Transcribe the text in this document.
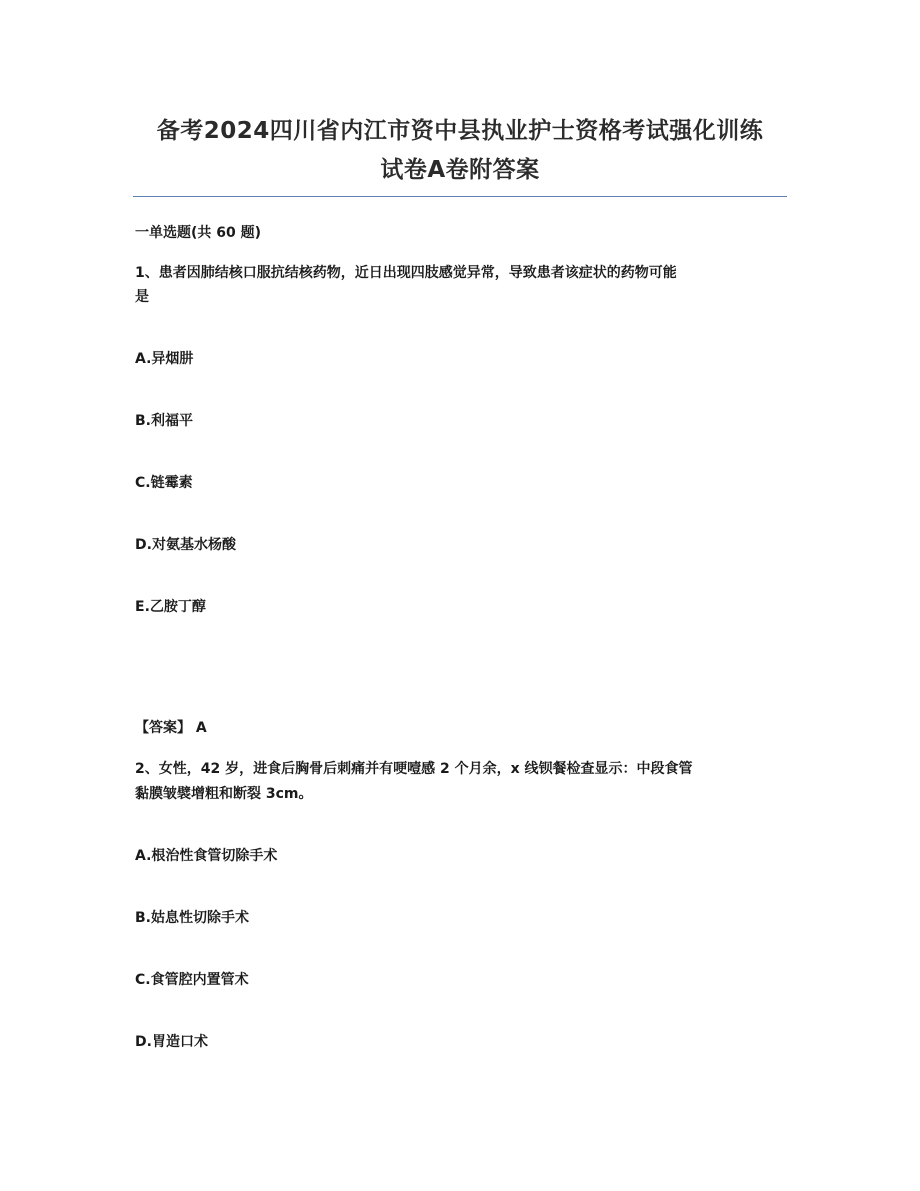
备考2024四川省内江市资中县执业护士资格考试强化训练
试卷A卷附答案
一单选题(共 60 题)
1、患者因肺结核口服抗结核药物，近日出现四肢感觉异常，导致患者该症状的药物可能
是
A.异烟肼
B.利福平
C.链霉素
D.对氨基水杨酸
E.乙胺丁醇
【答案】 A
2、女性，42 岁，进食后胸骨后刺痛并有哽噎感 2 个月余，x 线钡餐检查显示：中段食管
黏膜皱襞增粗和断裂 3cm。
A.根治性食管切除手术
B.姑息性切除手术
C.食管腔内置管术
D.胃造口术
